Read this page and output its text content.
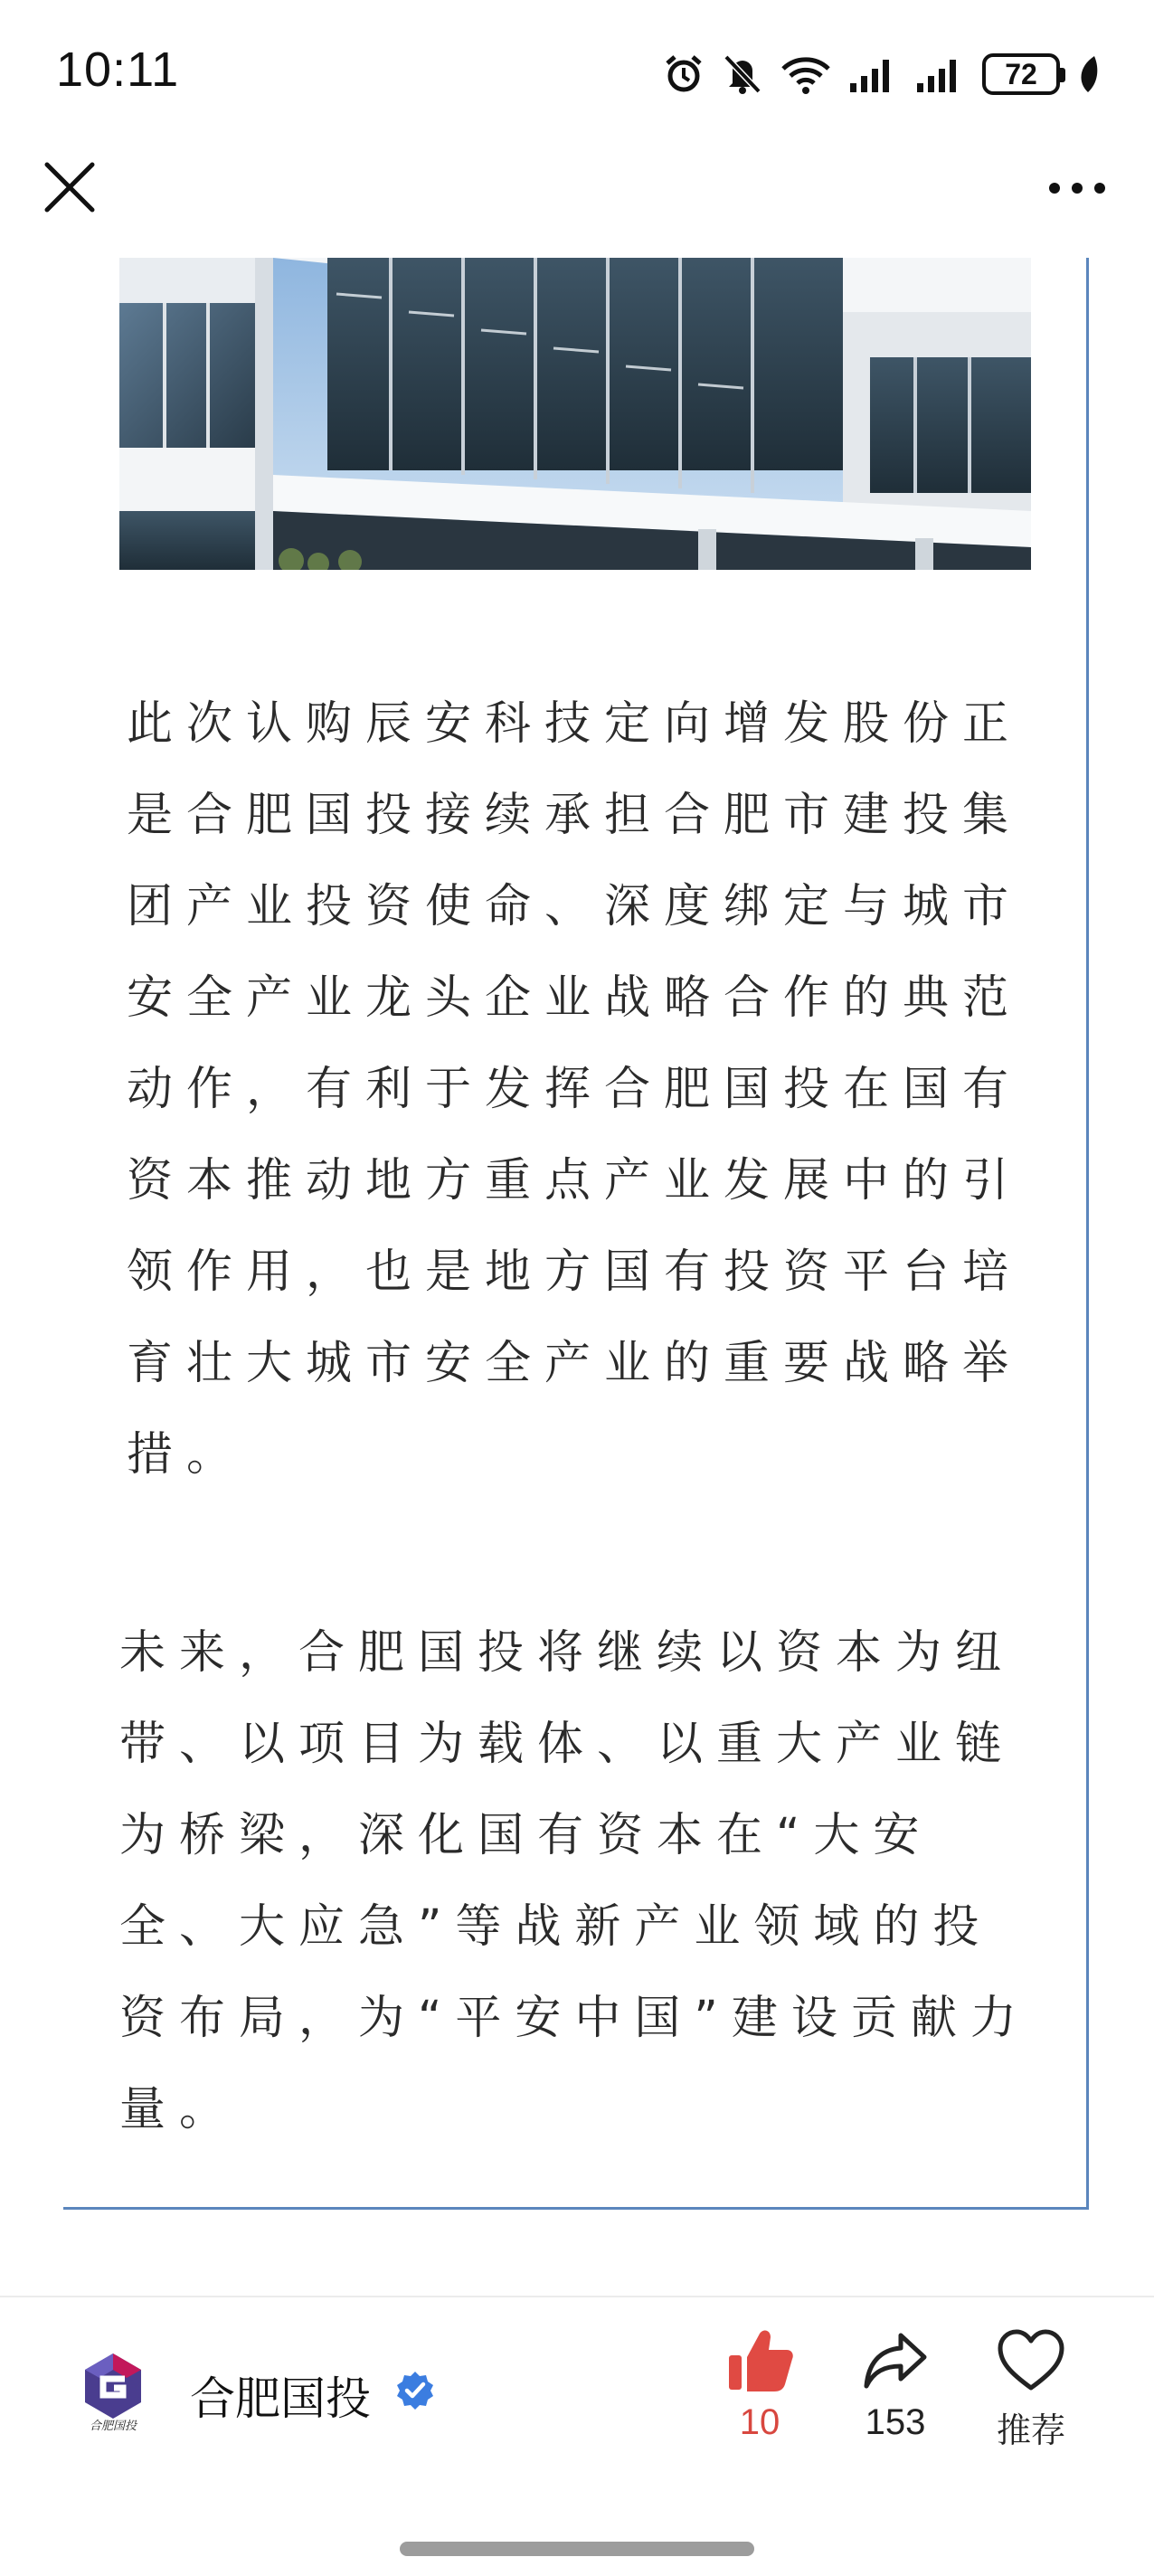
10:11	72

此次认购辰安科技定向增发股份正是合肥国投接续承担合肥市建投集团产业投资使命、深度绑定与城市安全产业龙头企业战略合作的典范动作，有利于发挥合肥国投在国有资本推动地方重点产业发展中的引领作用，也是地方国有投资平台培育壮大城市安全产业的重要战略举措。

未来，合肥国投将继续以资本为纽带、以项目为载体、以重大产业链为桥梁，深化国有资本在“大安全、大应急”等战新产业领域的投资布局，为“平安中国”建设贡献力量。

合肥国投
合肥国投	10	153	推荐
